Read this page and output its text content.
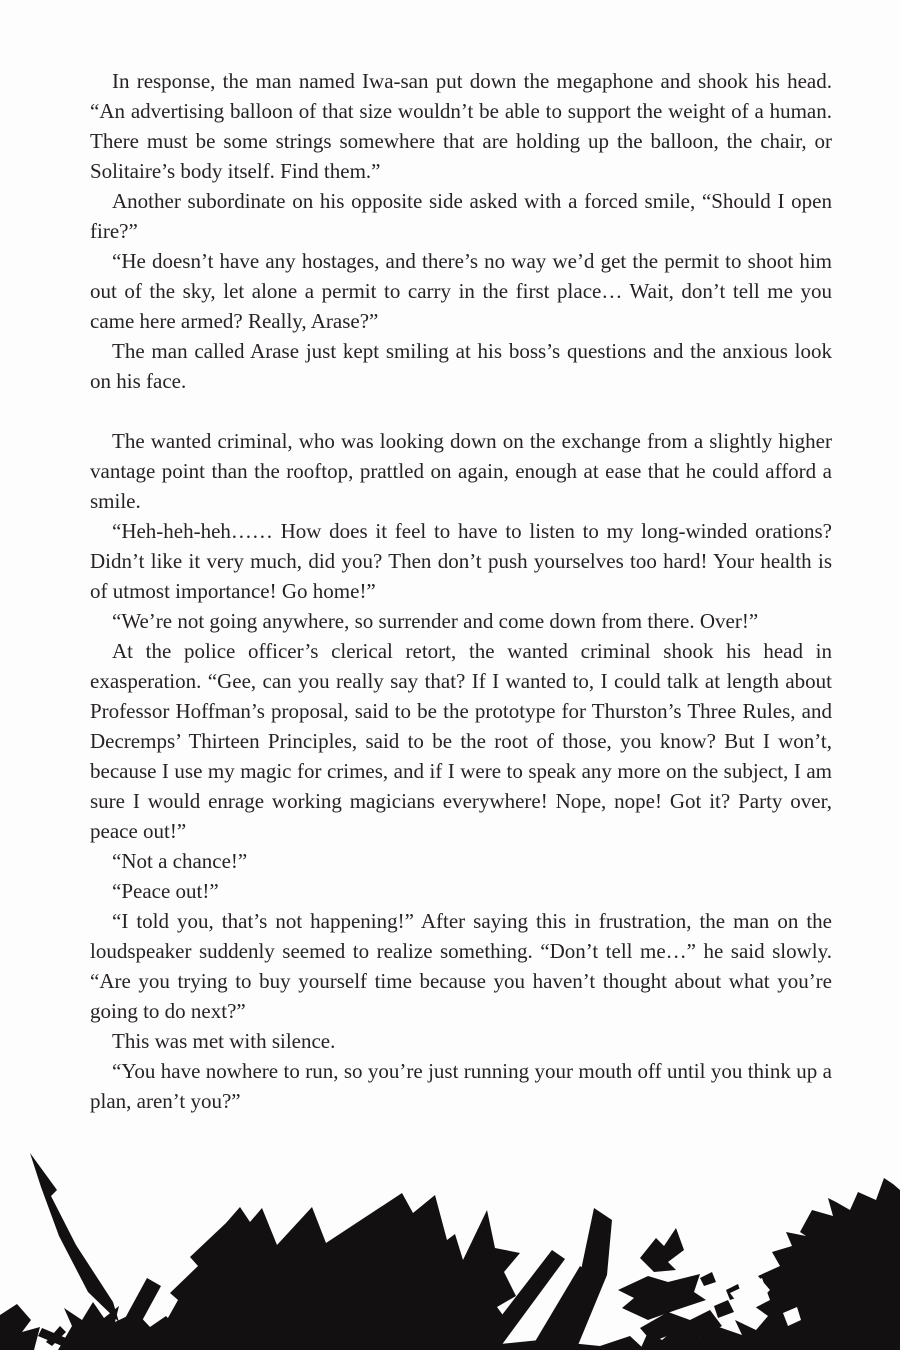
In response, the man named Iwa-san put down the megaphone and shook his head. “An advertising balloon of that size wouldn’t be able to support the weight of a human. There must be some strings somewhere that are holding up the balloon, the chair, or Solitaire’s body itself. Find them.”

Another subordinate on his opposite side asked with a forced smile, “Should I open fire?”

“He doesn’t have any hostages, and there’s no way we’d get the permit to shoot him out of the sky, let alone a permit to carry in the first place… Wait, don’t tell me you came here armed? Really, Arase?”

The man called Arase just kept smiling at his boss’s questions and the anxious look on his face.

The wanted criminal, who was looking down on the exchange from a slightly higher vantage point than the rooftop, prattled on again, enough at ease that he could afford a smile.

“Heh-heh-heh…… How does it feel to have to listen to my long-winded orations? Didn’t like it very much, did you? Then don’t push yourselves too hard! Your health is of utmost importance! Go home!”

“We’re not going anywhere, so surrender and come down from there. Over!”

At the police officer’s clerical retort, the wanted criminal shook his head in exasperation. “Gee, can you really say that? If I wanted to, I could talk at length about Professor Hoffman’s proposal, said to be the prototype for Thurston’s Three Rules, and Decremps’ Thirteen Principles, said to be the root of those, you know? But I won’t, because I use my magic for crimes, and if I were to speak any more on the subject, I am sure I would enrage working magicians everywhere! Nope, nope! Got it? Party over, peace out!”

“Not a chance!”

“Peace out!”

“I told you, that’s not happening!” After saying this in frustration, the man on the loudspeaker suddenly seemed to realize something. “Don’t tell me…” he said slowly. “Are you trying to buy yourself time because you haven’t thought about what you’re going to do next?”

This was met with silence.

“You have nowhere to run, so you’re just running your mouth off until you think up a plan, aren’t you?”
